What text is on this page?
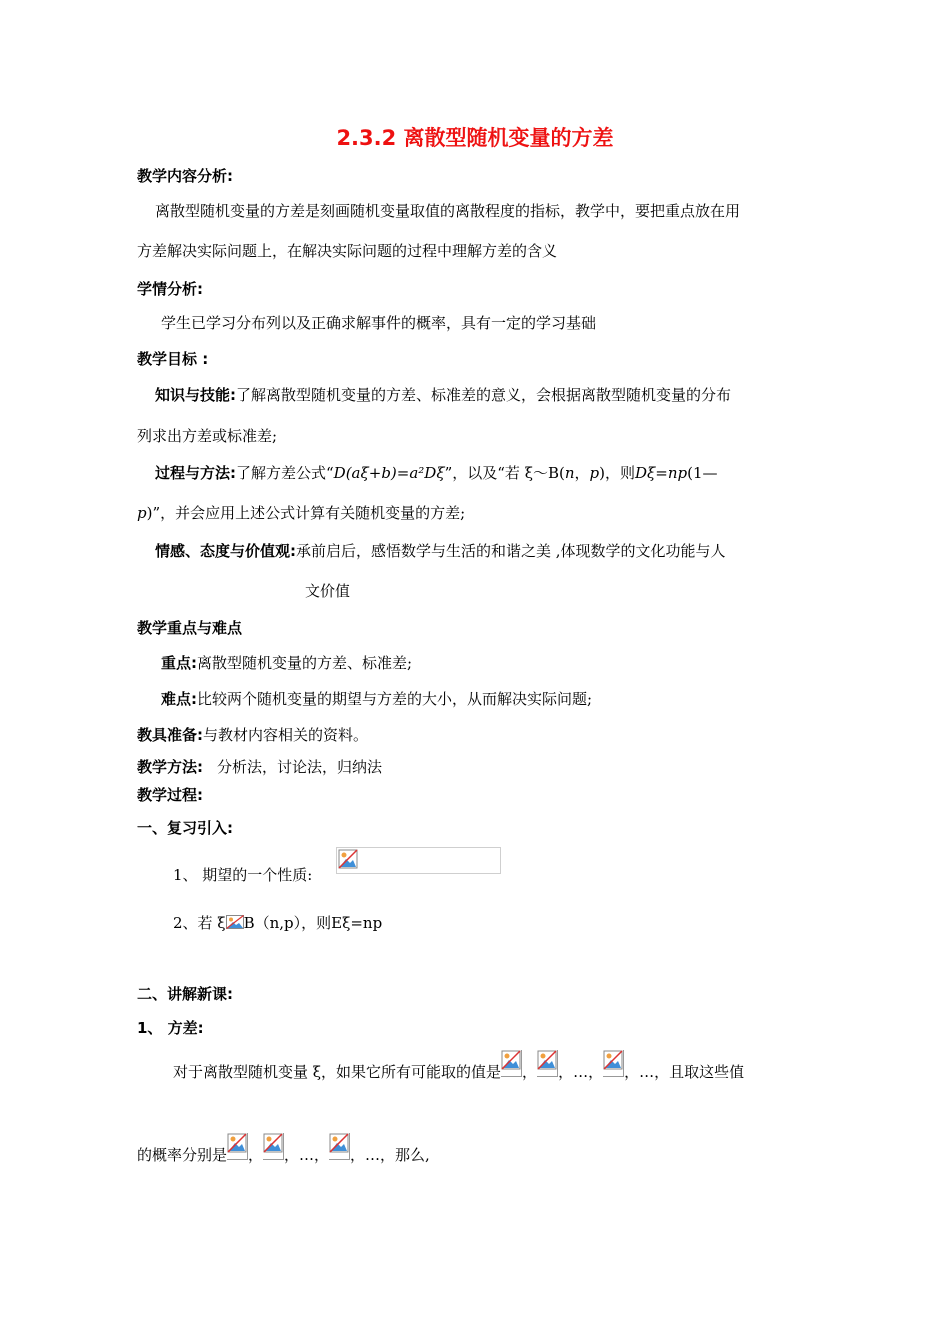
2.3.2 离散型随机变量的方差
教学内容分析:
离散型随机变量的方差是刻画随机变量取值的离散程度的指标，教学中，要把重点放在用
方差解决实际问题上，在解决实际问题的过程中理解方差的含义
学情分析:
学生已学习分布列以及正确求解事件的概率，具有一定的学习基础
教学目标 :
知识与技能:了解离散型随机变量的方差、标准差的意义，会根据离散型随机变量的分布
列求出方差或标准差;
过程与方法:了解方差公式“D(aξ+b)=a²Dξ”，以及“若 ξ～B(n，p)，则Dξ=np(1—
p)”，并会应用上述公式计算有关随机变量的方差;
情感、态度与价值观:承前启后，感悟数学与生活的和谐之美 ,体现数学的文化功能与人
文价值
教学重点与难点
重点:离散型随机变量的方差、标准差;
难点:比较两个随机变量的期望与方差的大小，从而解决实际问题;
教具准备:与教材内容相关的资料。
教学方法: 分析法，讨论法，归纳法
教学过程:
一、复习引入:
1、 期望的一个性质:
2、若 ξ B（n,p），则Eξ=np
二、讲解新课:
1、 方差:
对于离散型随机变量 ξ，如果它所有可能取的值是 ， ，…， ，…，且取这些值
的概率分别是 ， ，…， ，…，那么,
